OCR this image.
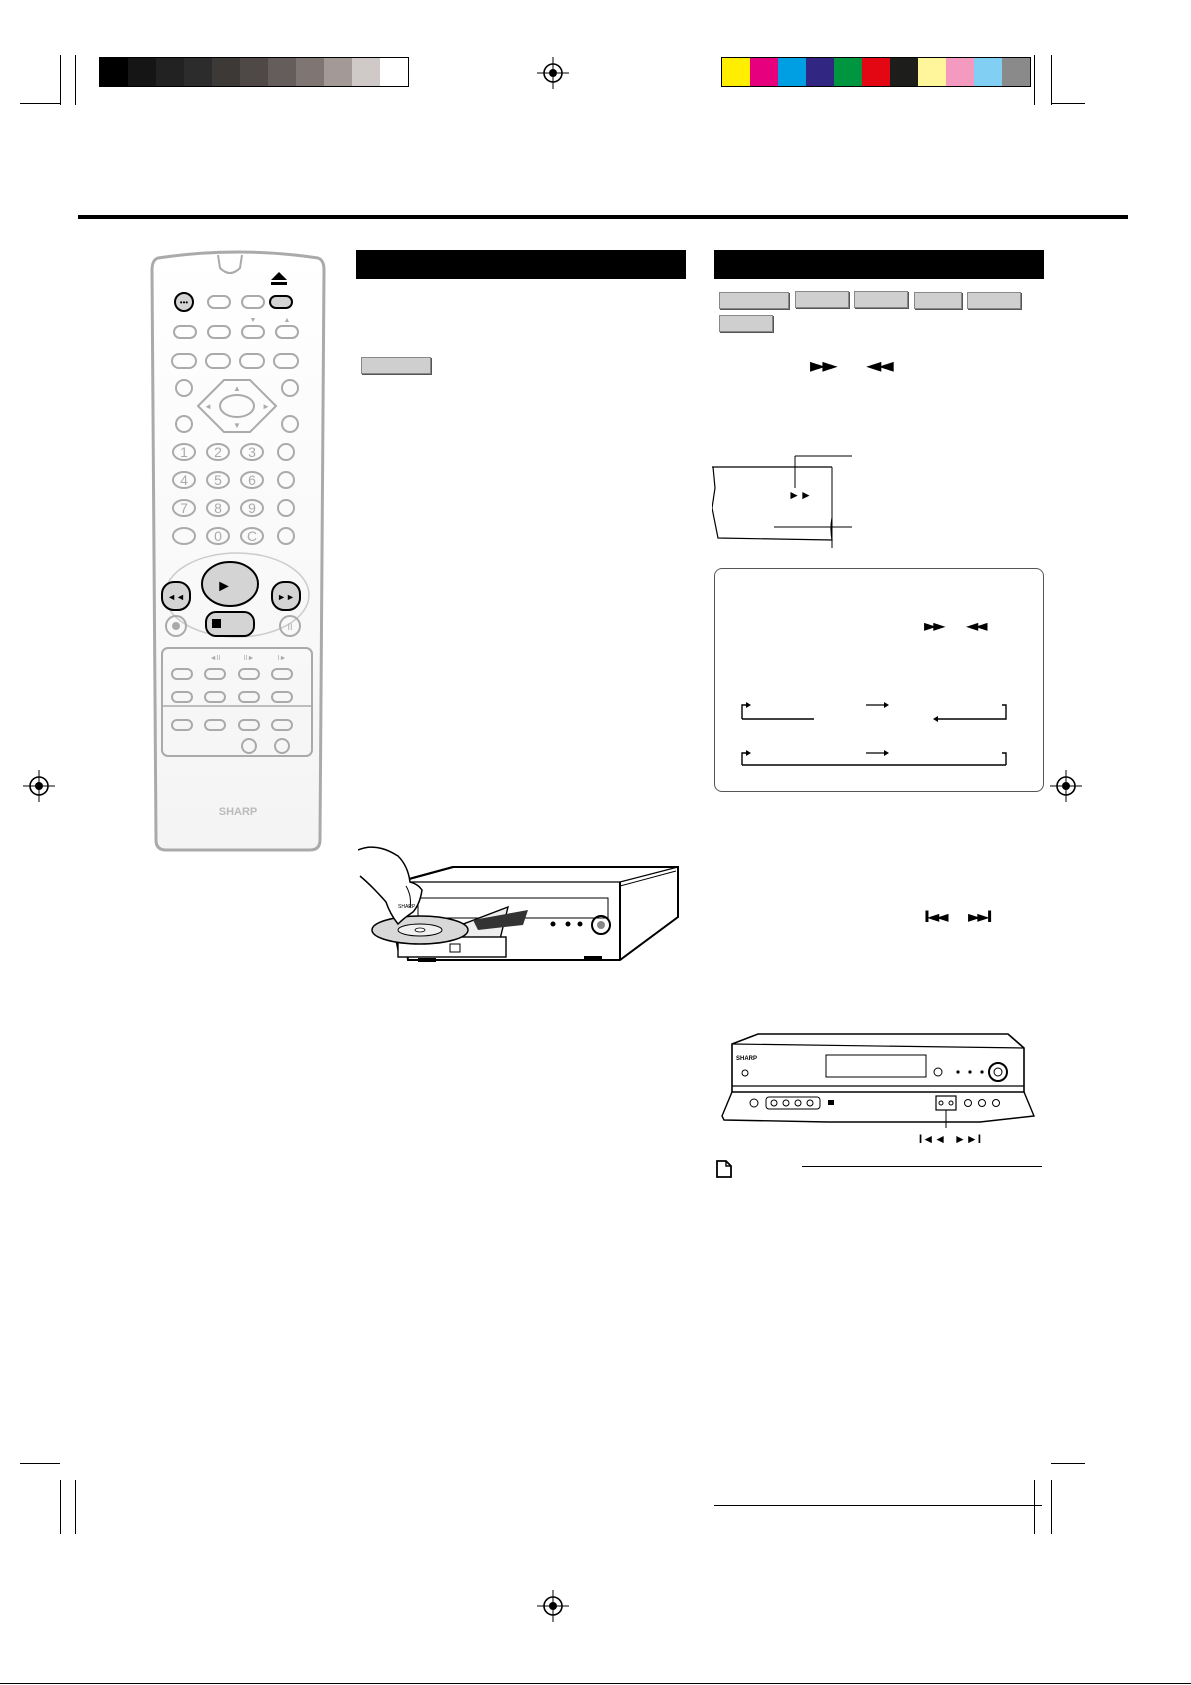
•••
▼	▲
▲
▼
◄	►
1 2 3
4 5 6
7 8 9
0 C
◄◄
►
►►
II
◄II	II►	I►
SHARP
SHARP
►► ◄◄
►►
►► ◄◄
I◄◄ ►►I
SHARP
I◄◄ ►►I
